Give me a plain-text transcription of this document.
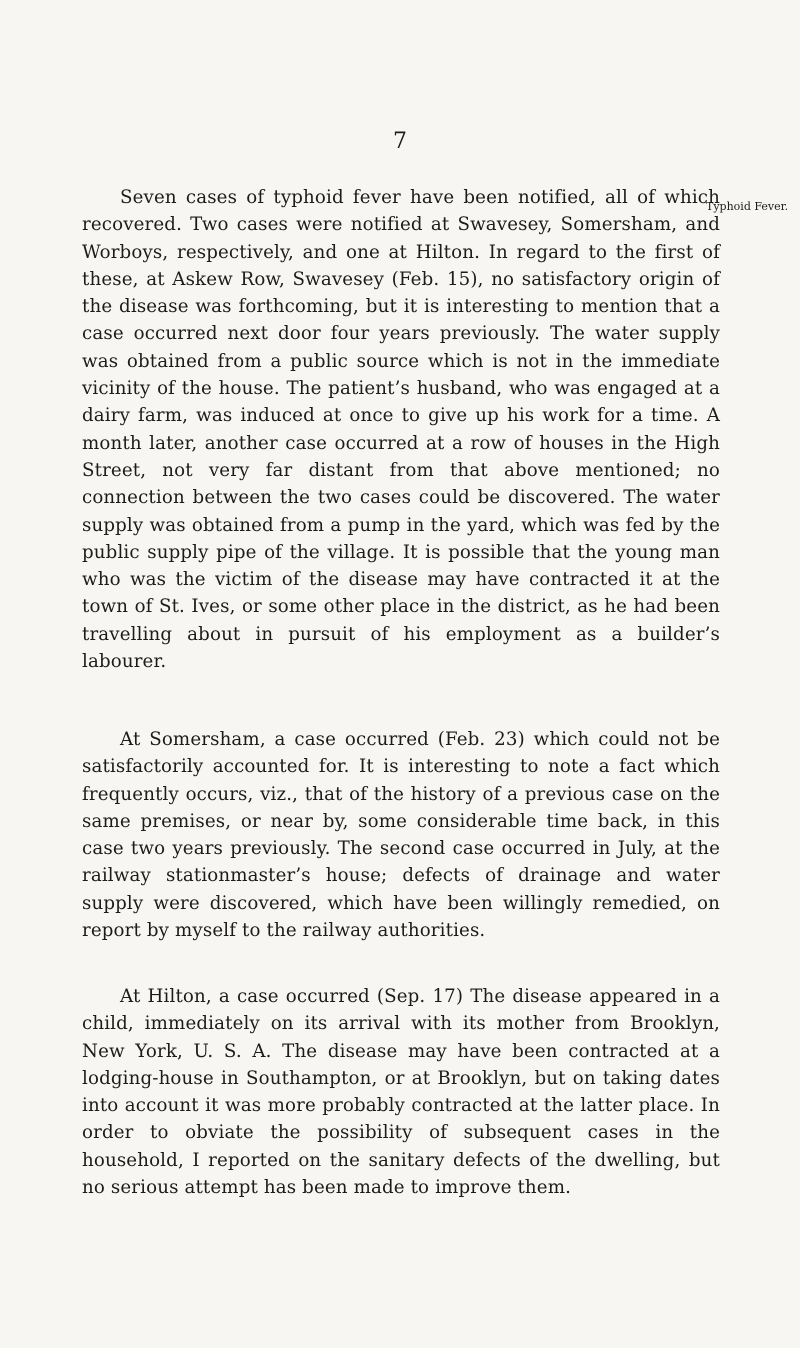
7
Typhoid Fever.

Seven cases of typhoid fever have been notified, all of which recovered. Two cases were notified at Swavesey, Somersham, and Worboys, respectively, and one at Hilton. In regard to the first of these, at Askew Row, Swavesey (Feb. 15), no satisfactory origin of the disease was forthcoming, but it is interesting to mention that a case occurred next door four years previously. The water supply was obtained from a public source which is not in the immediate vicinity of the house. The patient’s husband, who was engaged at a dairy farm, was induced at once to give up his work for a time. A month later, another case occurred at a row of houses in the High Street, not very far distant from that above mentioned; no connection between the two cases could be discovered. The water supply was obtained from a pump in the yard, which was fed by the public supply pipe of the village. It is possible that the young man who was the victim of the disease may have contracted it at the town of St. Ives, or some other place in the district, as he had been travelling about in pursuit of his employment as a builder’s labourer.

At Somersham, a case occurred (Feb. 23) which could not be satisfactorily accounted for. It is interesting to note a fact which frequently occurs, viz., that of the history of a previous case on the same premises, or near by, some considerable time back, in this case two years previously. The second case occurred in July, at the railway stationmaster’s house; defects of drainage and water supply were discovered, which have been willingly remedied, on report by myself to the railway authorities.

At Hilton, a case occurred (Sep. 17) The disease appeared in a child, immediately on its arrival with its mother from Brooklyn, New York, U. S. A. The disease may have been contracted at a lodging-house in Southampton, or at Brooklyn, but on taking dates into account it was more probably contracted at the latter place. In order to obviate the possibility of subsequent cases in the household, I reported on the sanitary defects of the dwelling, but no serious attempt has been made to improve them.
